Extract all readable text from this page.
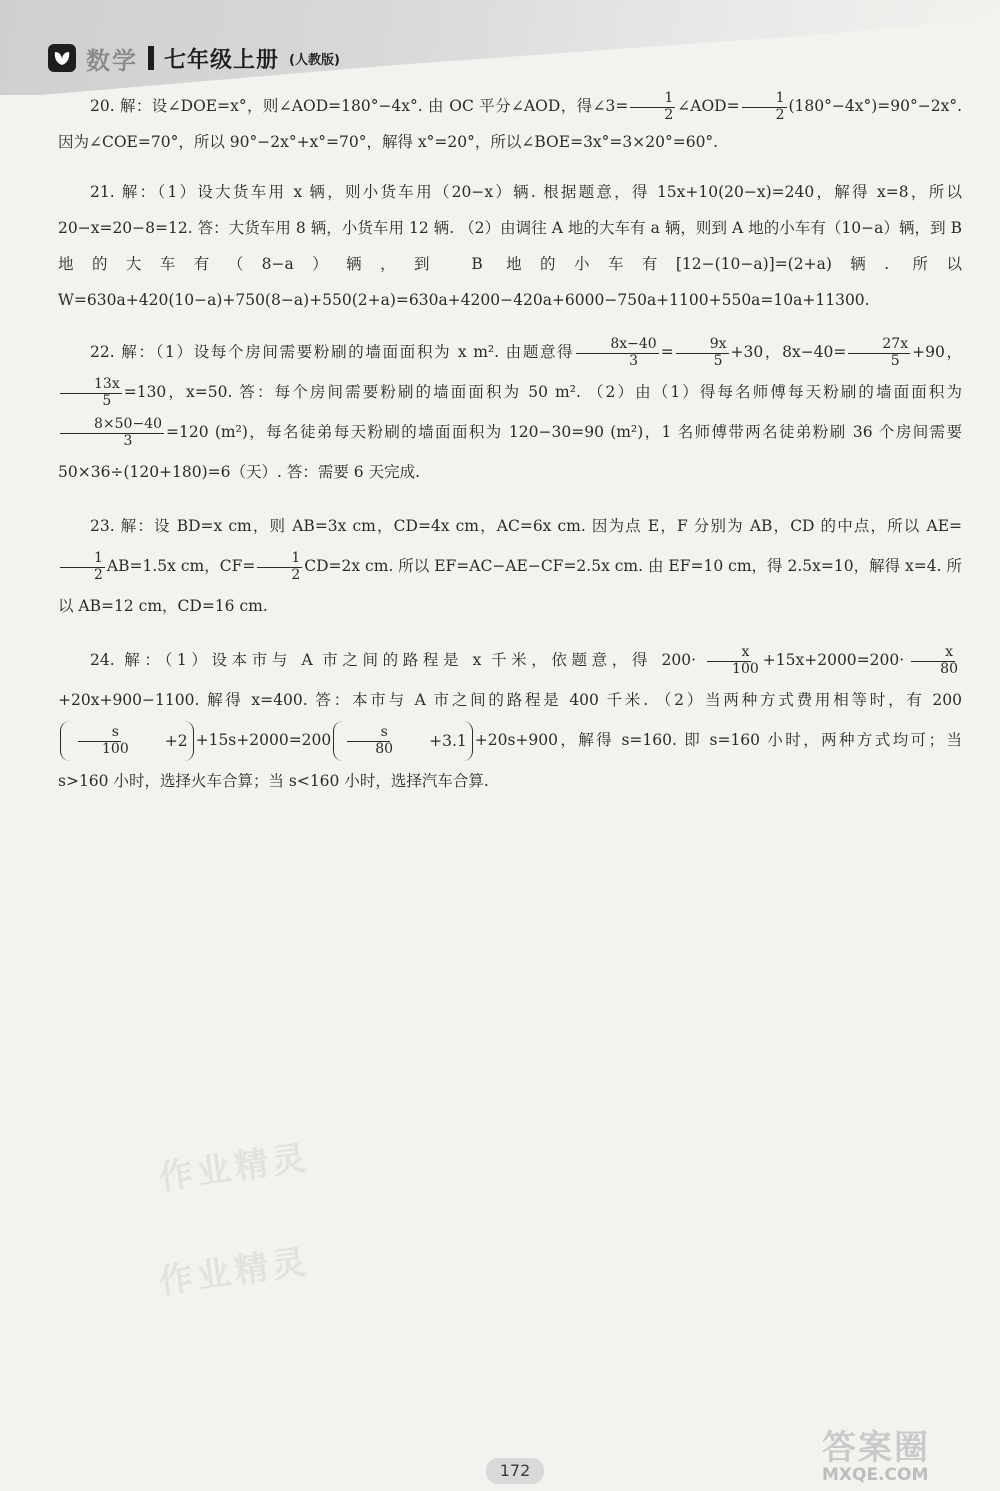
数学 七年级上册 (人教版)

20. 解：设∠DOE=x°，则∠AOD=180°−4x°. 由 OC 平分∠AOD，得∠3= $\frac{1}{2}$ ∠AOD= $\frac{1}{2} (180^\circ-4x^\circ)=90^\circ-2x^\circ$. 因为∠COE=70°，所以 90°−2x°+x°=70°，解得 x°=20°，所以∠BOE=3x°=3×20°=60°.

21. 解：（1）设大货车用 x 辆，则小货车用（20−x）辆. 根据题意，得 15x+10(20−x)=240，解得 x=8，所以 20−x=20−8=12. 答：大货车用 8 辆，小货车用 12 辆. （2）由调往 A 地的大车有 a 辆，则到 A 地的小车有（10−a）辆，到 B 地的大车有（8−a）辆，到 B 地的小车有[12−(10−a)]=(2+a)辆. 所以 W=630a+420(10−a)+750(8−a)+550(2+a)=630a+4200−420a+6000−750a+1100+550a=10a+11300.

22. 解：（1）设每个房间需要粉刷的墙面面积为 x m². 由题意得 $\frac{8x-40}{3} = \frac{9x}{5} +30$，$8x-40= \frac{27x}{5} +90$，
$\frac{13x}{5} =130$，x=50. 答：每个房间需要粉刷的墙面面积为 50 m². （2）由（1）得每名师傅每天粉刷的墙面面积为
$\frac{8\times 50-40}{3} =120$ (m²)，每名徒弟每天粉刷的墙面面积为 120−30=90 (m²)，1 名师傅带两名徒弟粉刷 36 个房间需要 50×36÷(120+180)=6（天）. 答：需要 6 天完成.

23. 解：设 BD=x cm，则 AB=3x cm，CD=4x cm，AC=6x cm. 因为点 E，F 分别为 AB，CD 的中点，所以 AE=
$\frac{1}{2} AB=1.5x$ cm，$CF= \frac{1}{2} CD=2x$ cm. 所以 EF=AC−AE−CF=2.5x cm. 由 EF=10 cm，得 2.5x=10，解得 x=4. 所以 AB=12 cm，CD=16 cm.

24. 解：（1）设本市与 A 市之间的路程是 x 千米，依题意，得 $200\cdot \frac{x}{100} +15x+2000=200\cdot \frac{x}{80}$
+20x+900−1100. 解得 x=400. 答：本市与 A 市之间的路程是 400 千米. （2）当两种方式费用相等时，有 200
$\frac{s}{100}$	$+2 +15s+2000=200 \frac{s}{80}$	+3.1 +20s+900，解得 s=160. 即 s=160 小时，两种方式均可；当 s>160 小时，选择火车合算；当 s<160 小时，选择汽车合算.

作业精灵
作业精灵
172
答案圈
MXQE.COM
